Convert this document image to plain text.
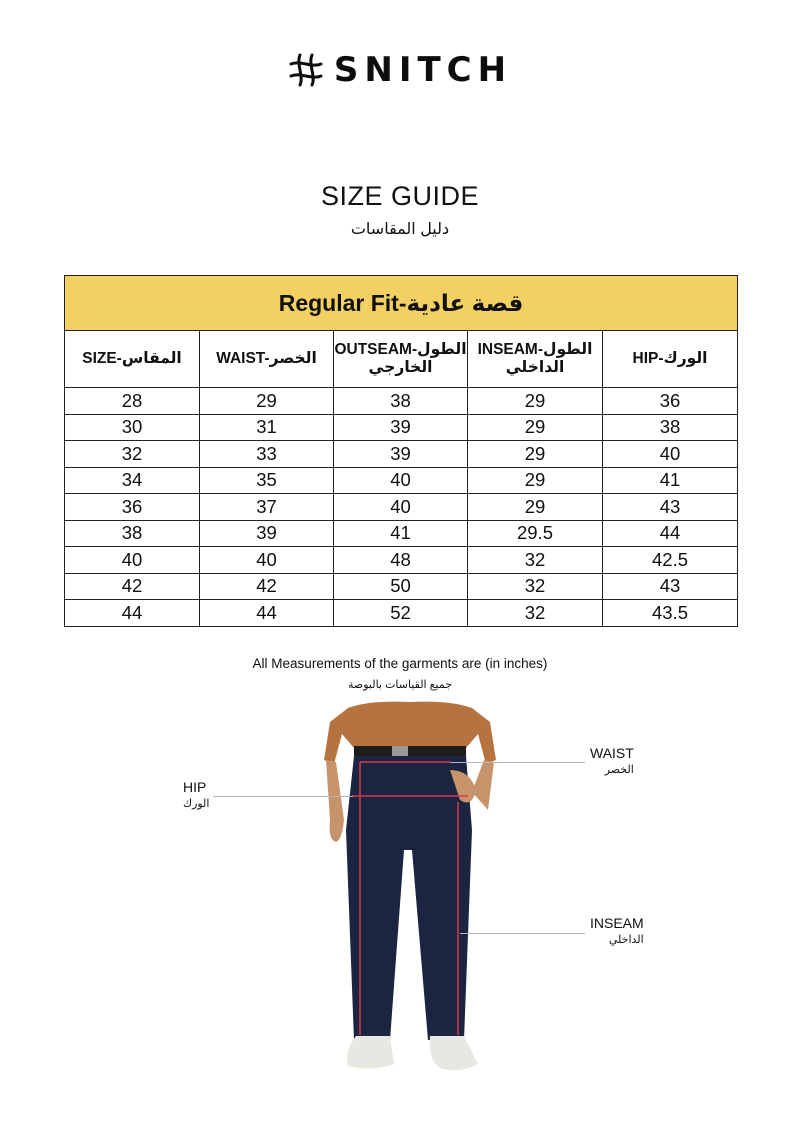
SNITCH
SIZE GUIDE
دليل المقاسات
Regular Fit-قصة عادية				
SIZE-المقاس	WAIST-الخصر	OUTSEAM-الطول الخارجي	INSEAM-الطول الداخلي	HIP-الورك
28	29	38	29	36
30	31	39	29	38
32	33	39	29	40
34	35	40	29	41
36	37	40	29	43
38	39	41	29.5	44
40	40	48	32	42.5
42	42	50	32	43
44	44	52	32	43.5
All Measurements of the garments are (in inches)
جميع القياسات بالبوصة
WAIST
الخصر
HIP
الورك
INSEAM
الداخلي
